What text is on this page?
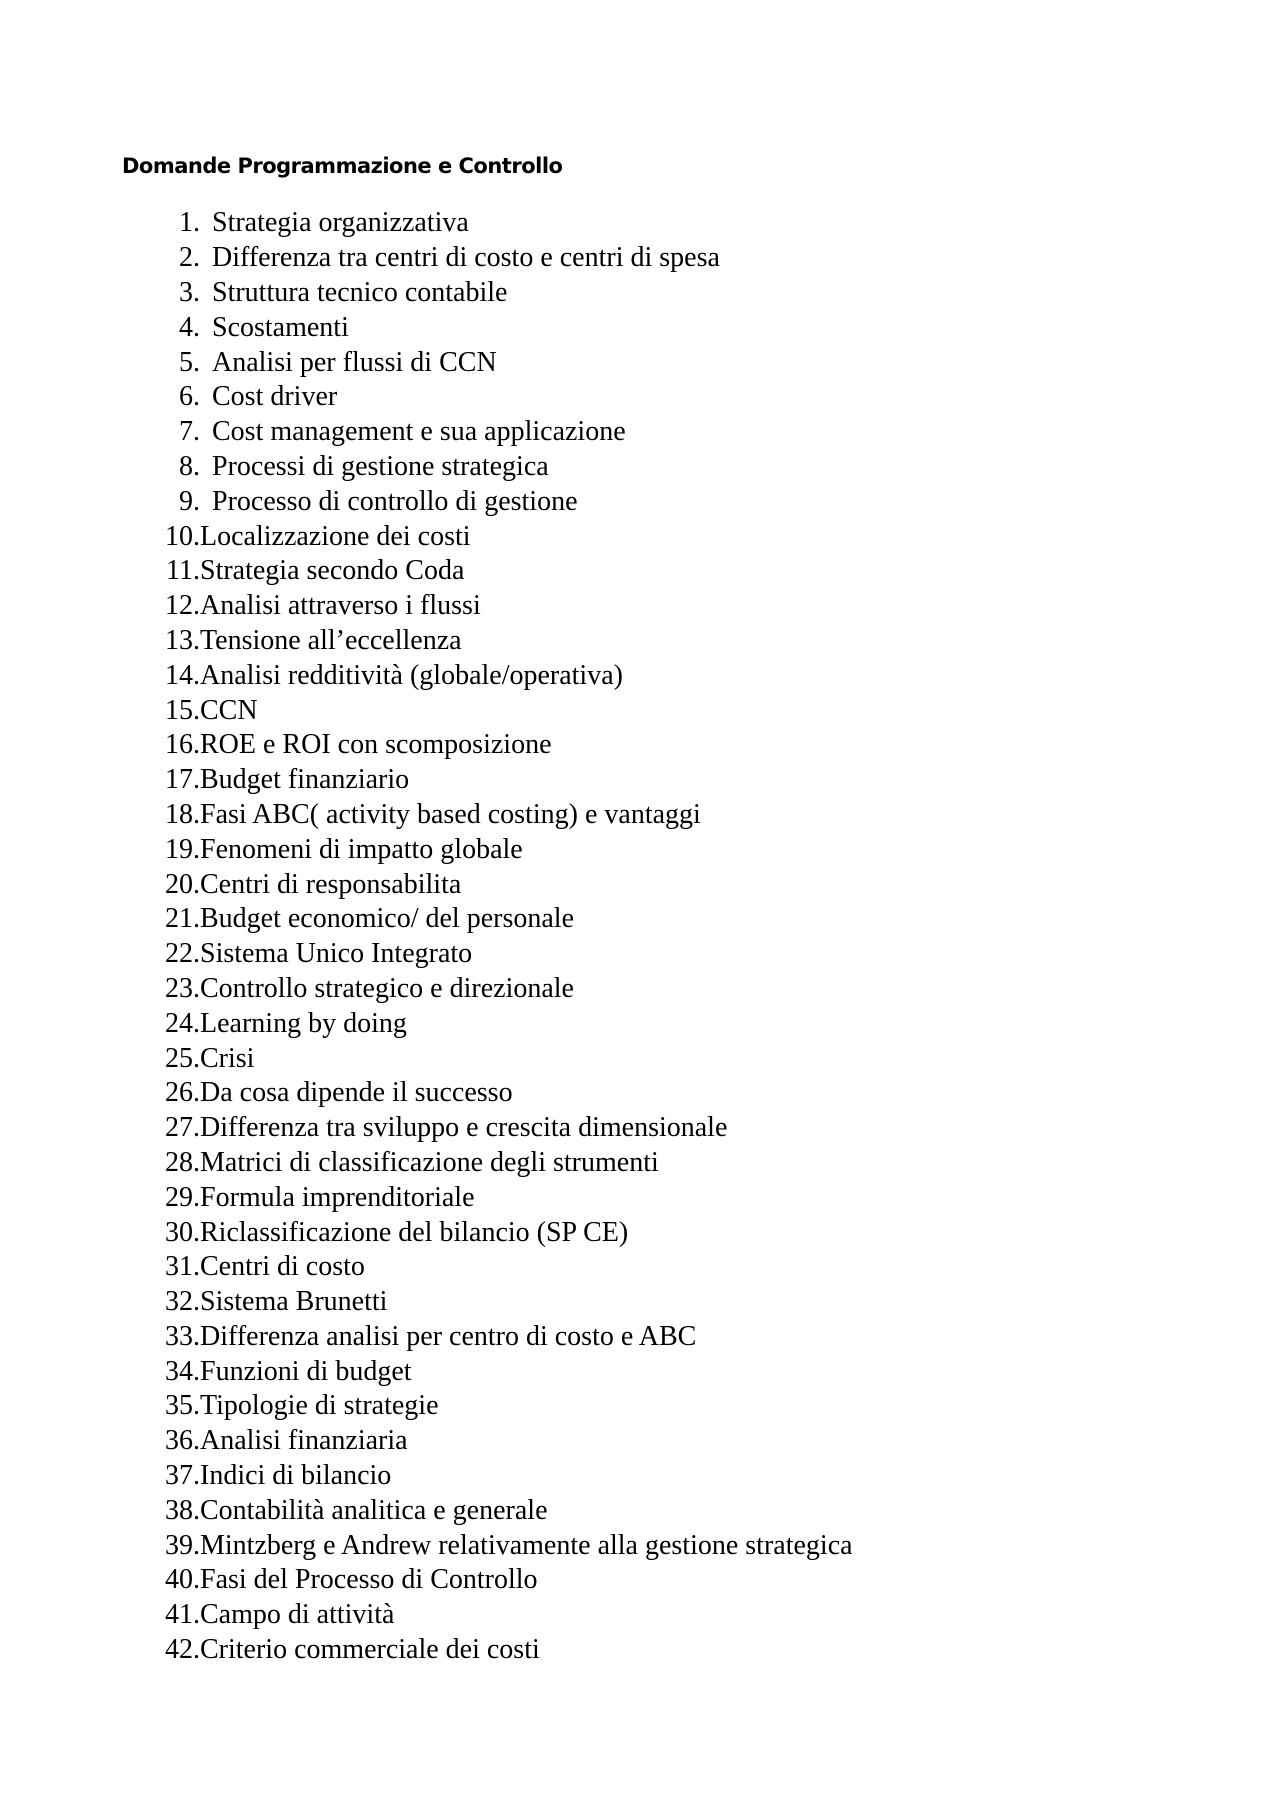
Domande Programmazione e Controllo
1. Strategia organizzativa
2. Differenza tra centri di costo e centri di spesa
3. Struttura tecnico contabile
4. Scostamenti
5. Analisi per flussi di CCN
6. Cost driver
7. Cost management e sua applicazione
8. Processi di gestione strategica
9. Processo di controllo di gestione
10. Localizzazione dei costi
11. Strategia secondo Coda
12. Analisi attraverso i flussi
13. Tensione all’eccellenza
14. Analisi redditività (globale/operativa)
15. CCN
16. ROE e ROI con scomposizione
17. Budget finanziario
18. Fasi ABC( activity based costing) e vantaggi
19. Fenomeni di impatto globale
20. Centri di responsabilita
21. Budget economico/ del personale
22. Sistema Unico Integrato
23. Controllo strategico e direzionale
24. Learning by doing
25. Crisi
26. Da cosa dipende il successo
27. Differenza tra sviluppo e crescita dimensionale
28. Matrici di classificazione degli strumenti
29. Formula imprenditoriale
30. Riclassificazione del bilancio (SP CE)
31. Centri di costo
32. Sistema Brunetti
33. Differenza analisi per centro di costo e ABC
34. Funzioni di budget
35. Tipologie di strategie
36. Analisi finanziaria
37. Indici di bilancio
38. Contabilità analitica e generale
39. Mintzberg e Andrew relativamente alla gestione strategica
40. Fasi del Processo di Controllo
41. Campo di attività
42. Criterio commerciale dei costi
